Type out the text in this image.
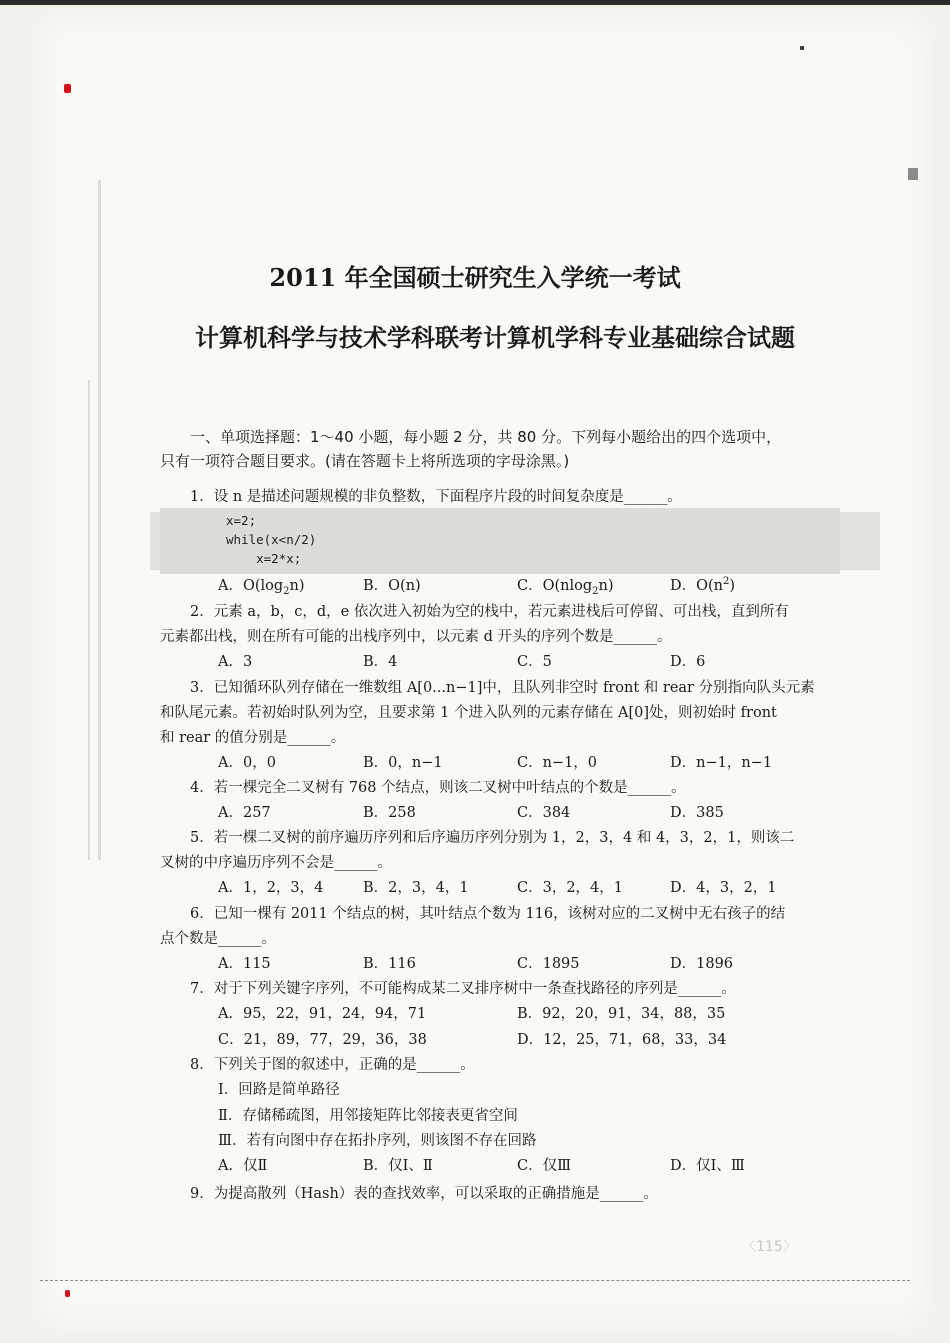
〈115〉
2011 年全国硕士研究生入学统一考试
计算机科学与技术学科联考计算机学科专业基础综合试题
一、单项选择题：1～40 小题，每小题 2 分，共 80 分。下列每小题给出的四个选项中，
只有一项符合题目要求。(请在答题卡上将所选项的字母涂黑。)
1．设 n 是描述问题规模的非负整数，下面程序片段的时间复杂度是______。
x=2;
while(x<n/2)
x=2*x;
A．$O(\log_2n)$	B．O(n)	C．O(nlog$_2$n)	D．$O(n^2)$
2．元素 a，b，c，d，e 依次进入初始为空的栈中，若元素进栈后可停留、可出栈，直到所有
元素都出栈，则在所有可能的出栈序列中，以元素 d 开头的序列个数是______。
A．3	B．4	C．5	D．6
3．已知循环队列存储在一维数组 A[0...n−1]中，且队列非空时 front 和 rear 分别指向队头元素
和队尾元素。若初始时队列为空，且要求第 1 个进入队列的元素存储在 A[0]处，则初始时 front
和 rear 的值分别是______。
A．0，0	B．0，n−1	C．n−1，0	D．n−1，n−1
4．若一棵完全二叉树有 768 个结点，则该二叉树中叶结点的个数是______。
A．257	B．258	C．384	D．385
5．若一棵二叉树的前序遍历序列和后序遍历序列分别为 1，2，3，4 和 4，3，2，1，则该二
叉树的中序遍历序列不会是______。
A．1，2，3，4	B．2，3，4，1	C．3，2，4，1	D．4，3，2，1
6．已知一棵有 2011 个结点的树，其叶结点个数为 116，该树对应的二叉树中无右孩子的结
点个数是______。
A．115	B．116	C．1895	D．1896
7．对于下列关键字序列，不可能构成某二叉排序树中一条查找路径的序列是______。
A．95，22，91，24，94，71	B．92，20，91，34，88，35
C．21，89，77，29，36，38	D．12，25，71，68，33，34
8．下列关于图的叙述中，正确的是______。
Ⅰ．回路是简单路径
Ⅱ．存储稀疏图，用邻接矩阵比邻接表更省空间
Ⅲ．若有向图中存在拓扑序列，则该图不存在回路
A．仅Ⅱ	B．仅Ⅰ、Ⅱ	C．仅Ⅲ	D．仅Ⅰ、Ⅲ
9．为提高散列（Hash）表的查找效率，可以采取的正确措施是______。
